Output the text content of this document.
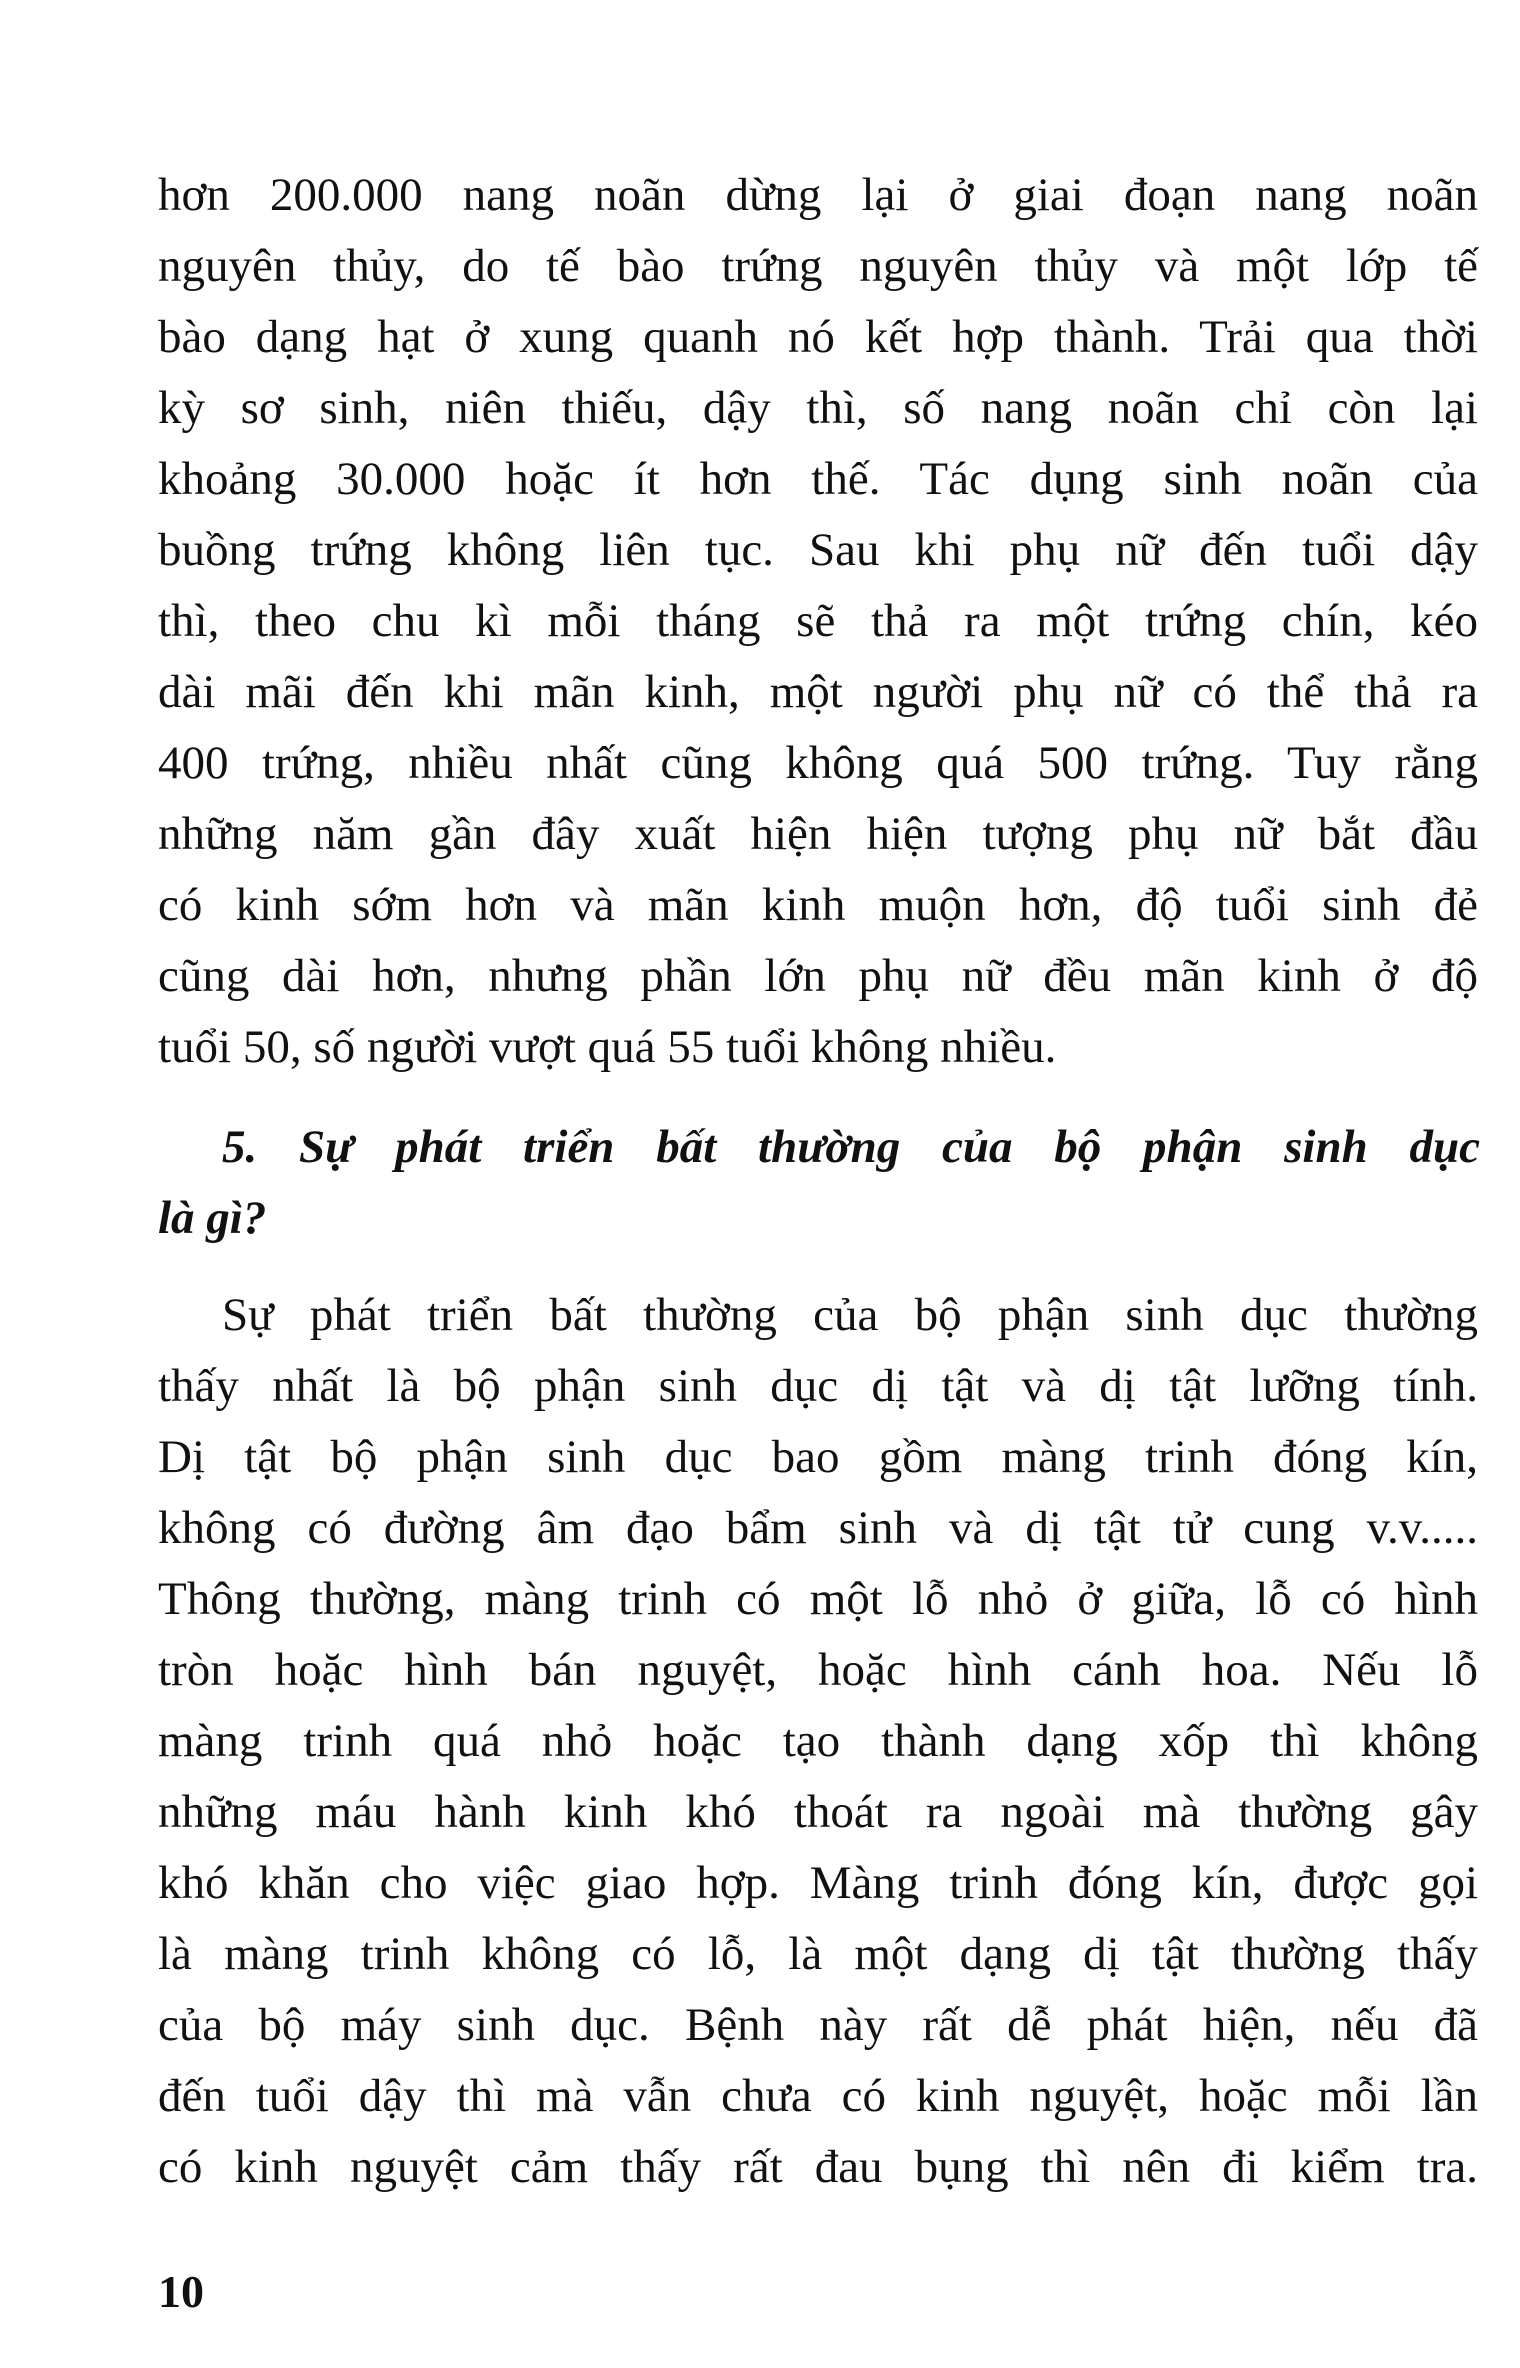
hơn 200.000 nang noãn dừng lại ở giai đoạn nang noãn
nguyên thủy, do tế bào trứng nguyên thủy và một lớp tế
bào dạng hạt ở xung quanh nó kết hợp thành. Trải qua thời
kỳ sơ sinh, niên thiếu, dậy thì, số nang noãn chỉ còn lại
khoảng 30.000 hoặc ít hơn thế. Tác dụng sinh noãn của
buồng trứng không liên tục. Sau khi phụ nữ đến tuổi dậy
thì, theo chu kì mỗi tháng sẽ thả ra một trứng chín, kéo
dài mãi đến khi mãn kinh, một người phụ nữ có thể thả ra
400 trứng, nhiều nhất cũng không quá 500 trứng. Tuy rằng
những năm gần đây xuất hiện hiện tượng phụ nữ bắt đầu
có kinh sớm hơn và mãn kinh muộn hơn, độ tuổi sinh đẻ
cũng dài hơn, nhưng phần lớn phụ nữ đều mãn kinh ở độ
tuổi 50, số người vượt quá 55 tuổi không nhiều.
5. Sự phát triển bất thường của bộ phận sinh dục
là gì?
Sự phát triển bất thường của bộ phận sinh dục thường
thấy nhất là bộ phận sinh dục dị tật và dị tật lưỡng tính.
Dị tật bộ phận sinh dục bao gồm màng trinh đóng kín,
không có đường âm đạo bẩm sinh và dị tật tử cung v.v.....
Thông thường, màng trinh có một lỗ nhỏ ở giữa, lỗ có hình
tròn hoặc hình bán nguyệt, hoặc hình cánh hoa. Nếu lỗ
màng trinh quá nhỏ hoặc tạo thành dạng xốp thì không
những máu hành kinh khó thoát ra ngoài mà thường gây
khó khăn cho việc giao hợp. Màng trinh đóng kín, được gọi
là màng trinh không có lỗ, là một dạng dị tật thường thấy
của bộ máy sinh dục. Bệnh này rất dễ phát hiện, nếu đã
đến tuổi dậy thì mà vẫn chưa có kinh nguyệt, hoặc mỗi lần
có kinh nguyệt cảm thấy rất đau bụng thì nên đi kiểm tra.
10
